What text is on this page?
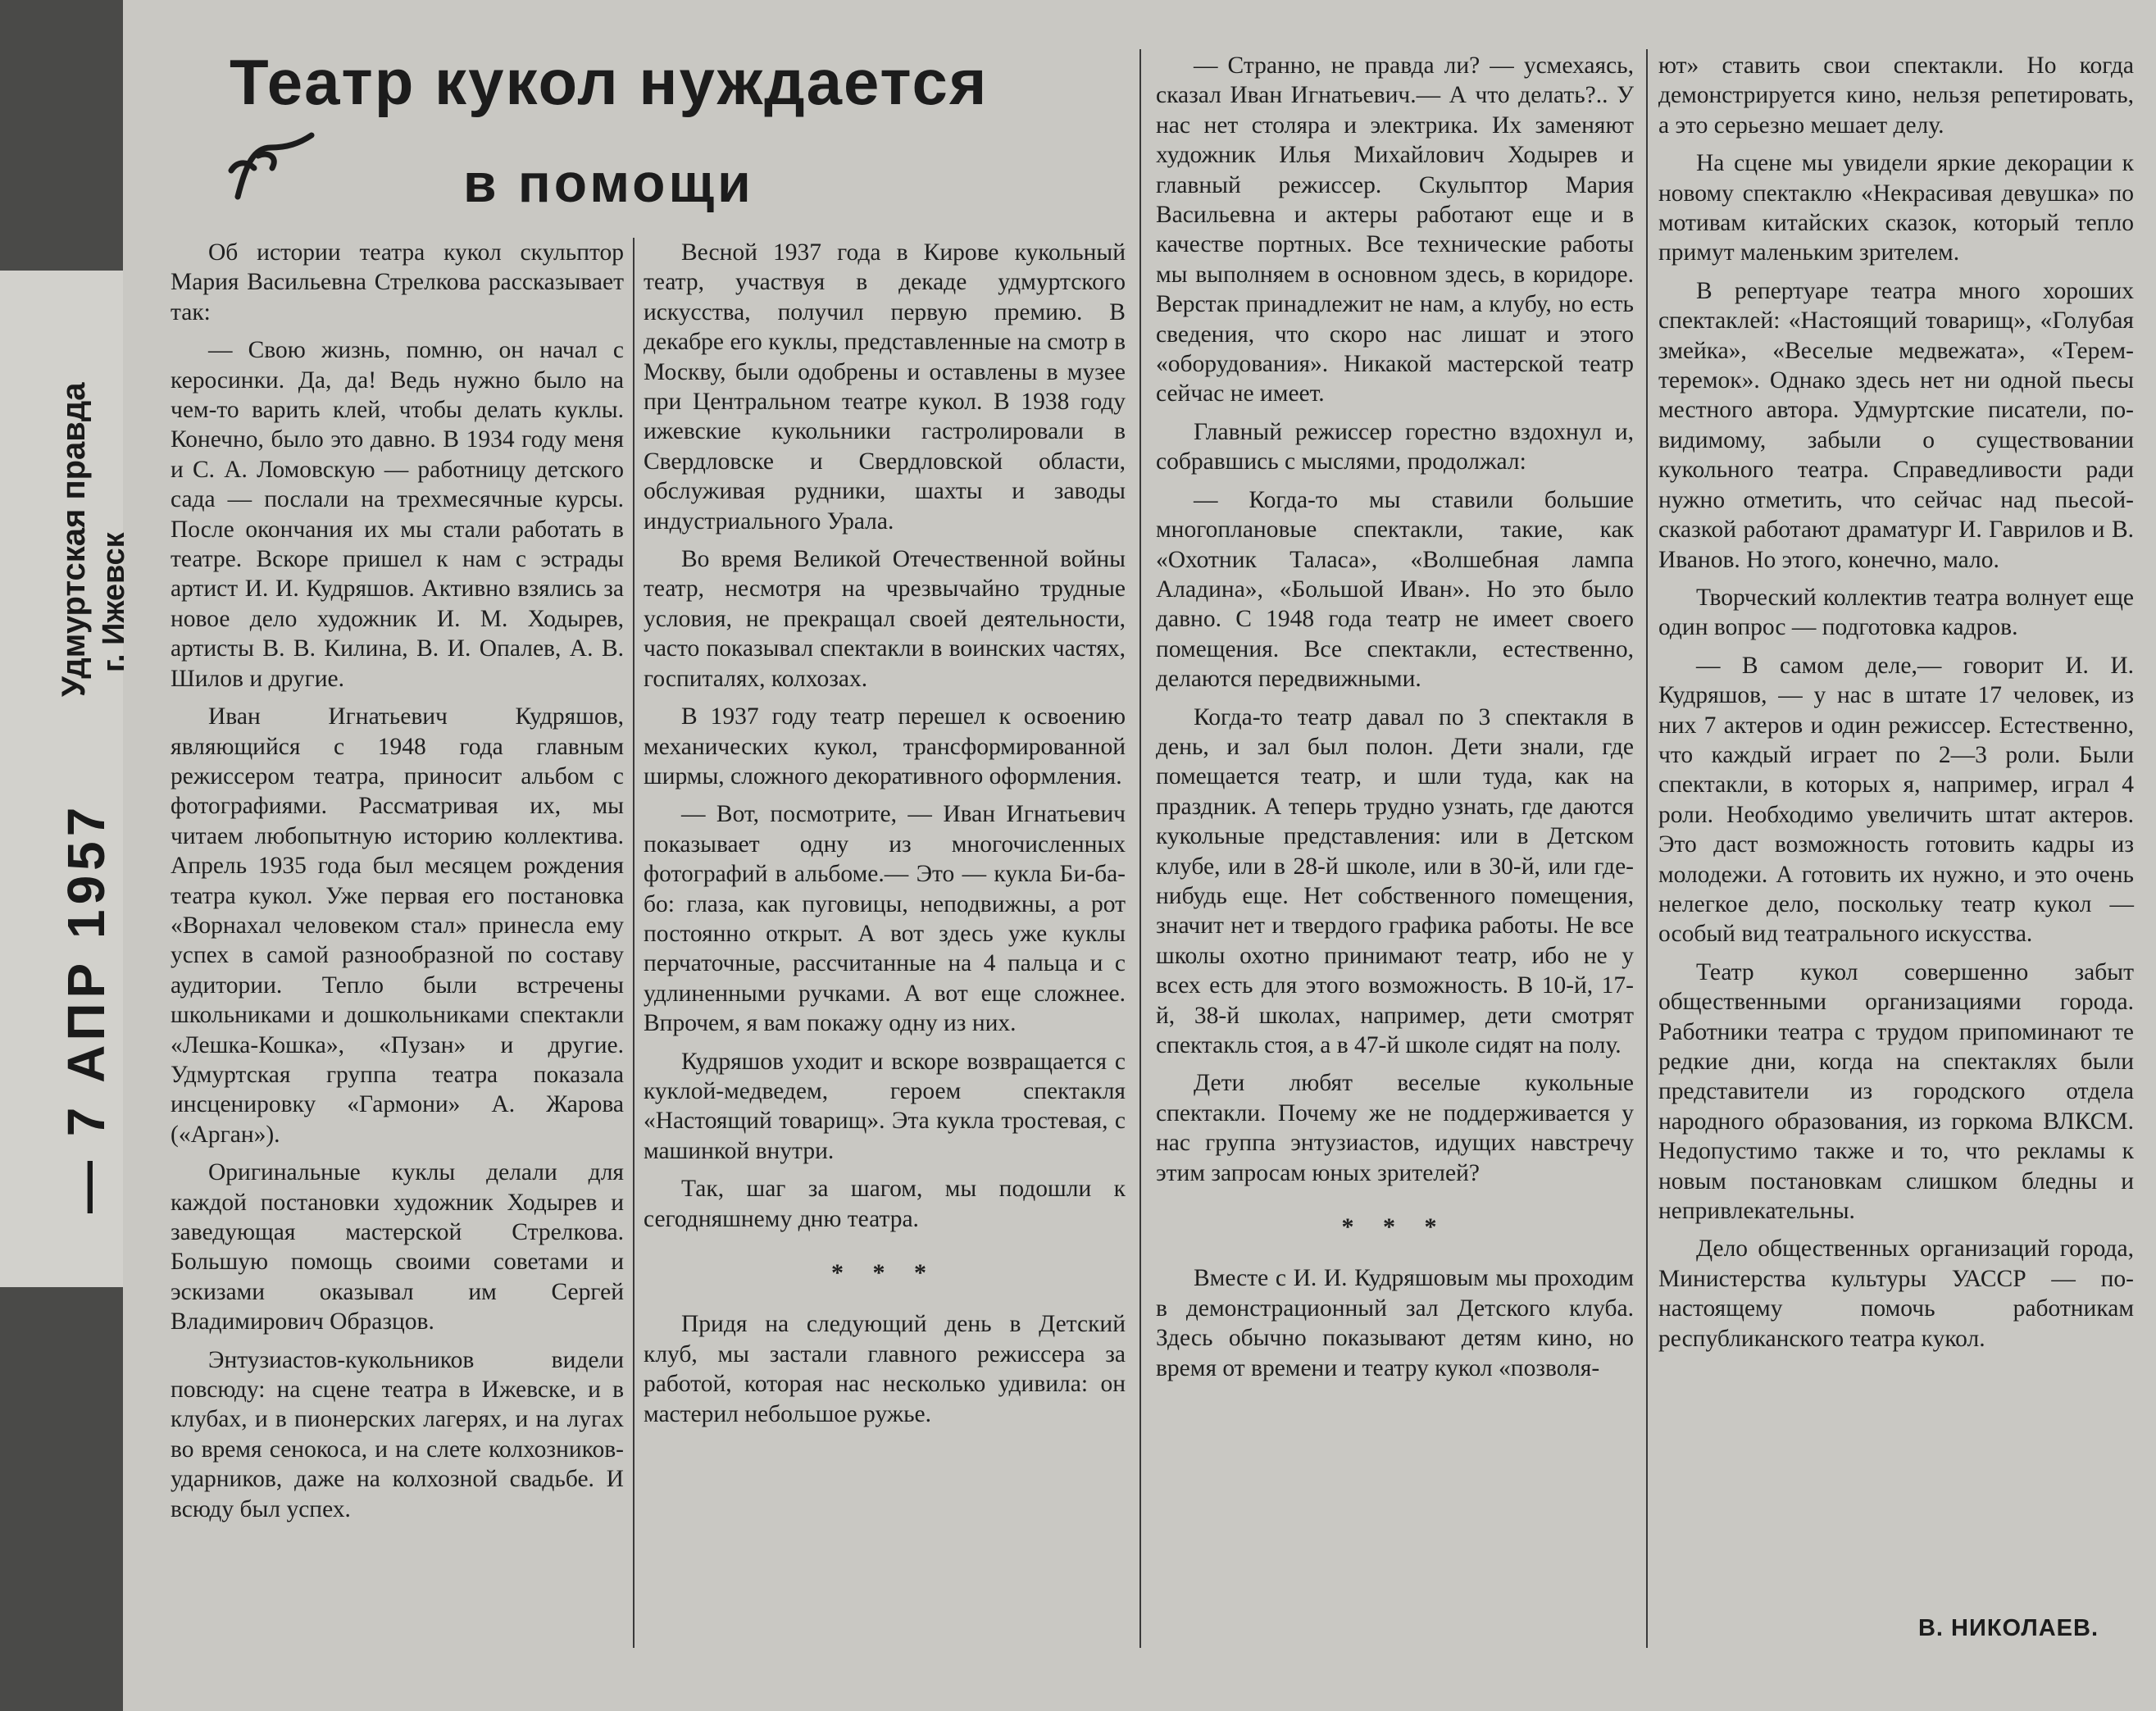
Удмуртская правда г. Ижевск
— 7 АПР 1957
Театр кукол нуждается
в помощи

Об истории театра кукол скульптор Мария Васильевна Стрелкова рассказывает так:

— Свою жизнь, помню, он начал с керосинки. Да, да! Ведь нужно было на чем-то варить клей, чтобы делать куклы. Конечно, было это давно. В 1934 году меня и С. А. Ломовскую — работницу детского сада — послали на трехмесячные курсы. После окончания их мы стали работать в театре. Вскоре пришел к нам с эстрады артист И. И. Кудряшов. Активно взялись за новое дело художник И. М. Ходырев, артисты В. В. Килина, В. И. Опалев, А. В. Шилов и другие.

Иван Игнатьевич Кудряшов, являющийся с 1948 года главным режиссером театра, приносит альбом с фотографиями. Рассматривая их, мы читаем любопытную историю коллектива. Апрель 1935 года был месяцем рождения театра кукол. Уже первая его постановка «Ворнахал человеком стал» принесла ему успех в самой разнообразной по составу аудитории. Тепло были встречены школьниками и дошкольниками спектакли «Лешка-Кошка», «Пузан» и другие. Удмуртская группа театра показала инсценировку «Гармони» А. Жарова («Арган»).

Оригинальные куклы делали для каждой постановки художник Ходырев и заведующая мастерской Стрелкова. Большую помощь своими советами и эскизами оказывал им Сергей Владимирович Образцов.

Энтузиастов-кукольников видели повсюду: на сцене театра в Ижевске, и в клубах, и в пионерских лагерях, и на лугах во время сенокоса, и на слете колхозников-ударников, даже на колхозной свадьбе. И всюду был успех.

Весной 1937 года в Кирове кукольный театр, участвуя в декаде удмуртского искусства, получил первую премию. В декабре его куклы, представленные на смотр в Москву, были одобрены и оставлены в музее при Центральном театре кукол. В 1938 году ижевские кукольники гастролировали в Свердловске и Свердловской области, обслуживая рудники, шахты и заводы индустриального Урала.

Во время Великой Отечественной войны театр, несмотря на чрезвычайно трудные условия, не прекращал своей деятельности, часто показывал спектакли в воинских частях, госпиталях, колхозах.

В 1937 году театр перешел к освоению механических кукол, трансформированной ширмы, сложного декоративного оформления.

— Вот, посмотрите, — Иван Игнатьевич показывает одну из многочисленных фотографий в альбоме.— Это — кукла Би-ба-бо: глаза, как пуговицы, неподвижны, а рот постоянно открыт. А вот здесь уже куклы перчаточные, рассчитанные на 4 пальца и с удлиненными ручками. А вот еще сложнее. Впрочем, я вам покажу одну из них.

Кудряшов уходит и вскоре возвращается с куклой-медведем, героем спектакля «Настоящий товарищ». Эта кукла тростевая, с машинкой внутри.

Так, шаг за шагом, мы подошли к сегодняшнему дню театра.

* * *

Придя на следующий день в Детский клуб, мы застали главного режиссера за работой, которая нас несколько удивила: он мастерил небольшое ружье.

— Странно, не правда ли? — усмехаясь, сказал Иван Игнатьевич.— А что делать?.. У нас нет столяра и электрика. Их заменяют художник Илья Михайлович Ходырев и главный режиссер. Скульптор Мария Васильевна и актеры работают еще и в качестве портных. Все технические работы мы выполняем в основном здесь, в коридоре. Верстак принадлежит не нам, а клубу, но есть сведения, что скоро нас лишат и этого «оборудования». Никакой мастерской театр сейчас не имеет.

Главный режиссер горестно вздохнул и, собравшись с мыслями, продолжал:

— Когда-то мы ставили большие многоплановые спектакли, такие, как «Охотник Таласа», «Волшебная лампа Аладина», «Большой Иван». Но это было давно. С 1948 года театр не имеет своего помещения. Все спектакли, естественно, делаются передвижными.

Когда-то театр давал по 3 спектакля в день, и зал был полон. Дети знали, где помещается театр, и шли туда, как на праздник. А теперь трудно узнать, где даются кукольные представления: или в Детском клубе, или в 28-й школе, или в 30-й, или где-нибудь еще. Нет собственного помещения, значит нет и твердого графика работы. Не все школы охотно принимают театр, ибо не у всех есть для этого возможность. В 10-й, 17-й, 38-й школах, например, дети смотрят спектакль стоя, а в 47-й школе сидят на полу.

Дети любят веселые кукольные спектакли. Почему же не поддерживается у нас группа энтузиастов, идущих навстречу этим запросам юных зрителей?

* * *

Вместе с И. И. Кудряшовым мы проходим в демонстрационный зал Детского клуба. Здесь обычно показывают детям кино, но время от времени и театру кукол «позволя-

ют» ставить свои спектакли. Но когда демонстрируется кино, нельзя репетировать, а это серьезно мешает делу.

На сцене мы увидели яркие декорации к новому спектаклю «Некрасивая девушка» по мотивам китайских сказок, который тепло примут маленьким зрителем.

В репертуаре театра много хороших спектаклей: «Настоящий товарищ», «Голубая змейка», «Веселые медвежата», «Терем-теремок». Однако здесь нет ни одной пьесы местного автора. Удмуртские писатели, по-видимому, забыли о существовании кукольного театра. Справедливости ради нужно отметить, что сейчас над пьесой-сказкой работают драматург И. Гаврилов и В. Иванов. Но этого, конечно, мало.

Творческий коллектив театра волнует еще один вопрос — подготовка кадров.

— В самом деле,— говорит И. И. Кудряшов, — у нас в штате 17 человек, из них 7 актеров и один режиссер. Естественно, что каждый играет по 2—3 роли. Были спектакли, в которых я, например, играл 4 роли. Необходимо увеличить штат актеров. Это даст возможность готовить кадры из молодежи. А готовить их нужно, и это очень нелегкое дело, поскольку театр кукол — особый вид театрального искусства.

Театр кукол совершенно забыт общественными организациями города. Работники театра с трудом припоминают те редкие дни, когда на спектаклях были представители из городского отдела народного образования, из горкома ВЛКСМ. Недопустимо также и то, что рекламы к новым постановкам слишком бледны и непривлекательны.

Дело общественных организаций города, Министерства культуры УАССР — по-настоящему помочь работникам республиканского театра кукол.

В. НИКОЛАЕВ.
